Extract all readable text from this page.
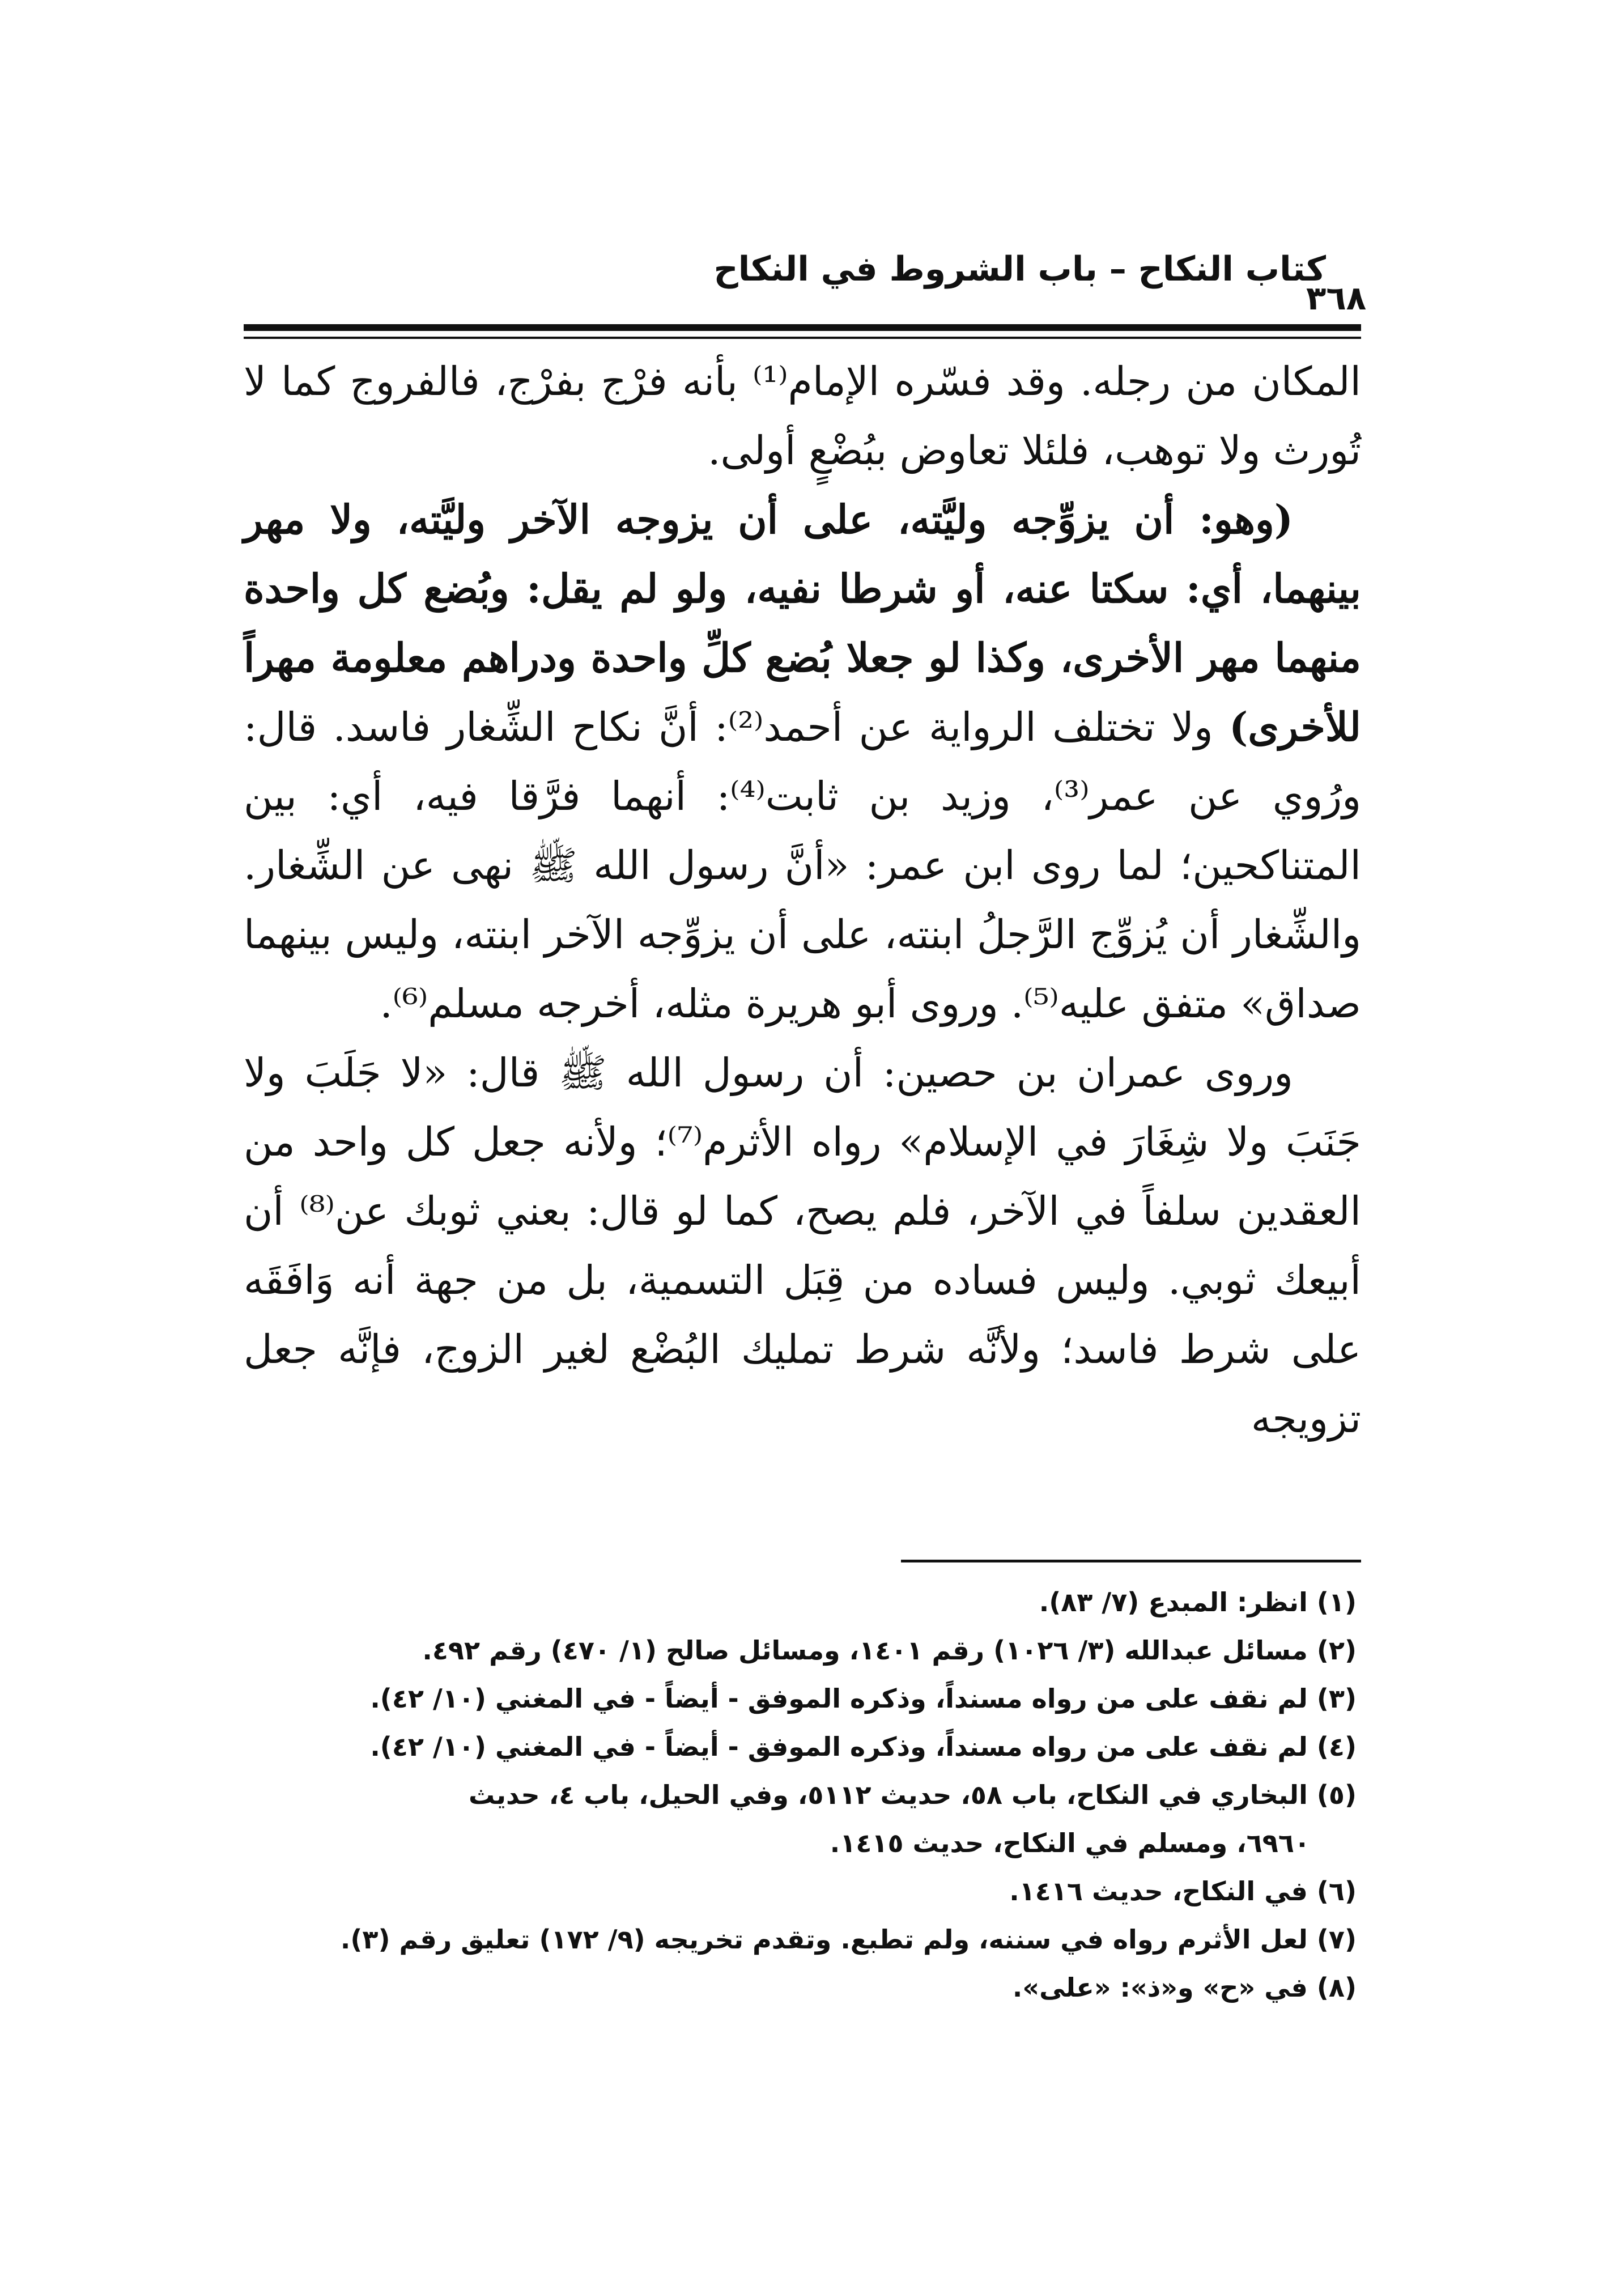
كتاب النكاح – باب الشروط في النكاح
٣٦٨

المكان من رجله. وقد فسّره الإمام⁽¹⁾ بأنه فرْج بفرْج، فالفروج كما لا تُورث ولا توهب، فلئلا تعاوض ببُضْعٍ أولى.

(وهو: أن يزوِّجه وليَّته، على أن يزوجه الآخر وليَّته، ولا مهر بينهما، أي: سكتا عنه، أو شرطا نفيه، ولو لم يقل: وبُضع كل واحدة منهما مهر الأخرى، وكذا لو جعلا بُضع كلِّ واحدة ودراهم معلومة مهراً للأخرى) ولا تختلف الرواية عن أحمد⁽²⁾: أنَّ نكاح الشِّغار فاسد. قال: ورُوي عن عمر⁽³⁾، وزيد بن ثابت⁽⁴⁾: أنهما فرَّقا فيه، أي: بين المتناكحين؛ لما روى ابن عمر: «أنَّ رسول الله ﷺ نهى عن الشِّغار. والشِّغار أن يُزوِّج الرَّجلُ ابنته، على أن يزوِّجه الآخر ابنته، وليس بينهما صداق» متفق عليه⁽⁵⁾. وروى أبو هريرة مثله، أخرجه مسلم⁽⁶⁾.

وروى عمران بن حصين: أن رسول الله ﷺ قال: «لا جَلَبَ ولا جَنَبَ ولا شِغَارَ في الإسلام» رواه الأثرم⁽⁷⁾؛ ولأنه جعل كل واحد من العقدين سلفاً في الآخر، فلم يصح، كما لو قال: بعني ثوبك عن⁽⁸⁾ أن أبيعك ثوبي. وليس فساده من قِبَل التسمية، بل من جهة أنه وَافَقَه على شرط فاسد؛ ولأنَّه شرط تمليك البُضْع لغير الزوج، فإنَّه جعل تزويجه

(١) انظر: المبدع (٧/ ٨٣).

(٢) مسائل عبدالله (٣/ ١٠٢٦) رقم ١٤٠١، ومسائل صالح (١/ ٤٧٠) رقم ٤٩٢.

(٣) لم نقف على من رواه مسنداً، وذكره الموفق - أيضاً - في المغني (١٠/ ٤٢).

(٤) لم نقف على من رواه مسنداً، وذكره الموفق - أيضاً - في المغني (١٠/ ٤٢).

(٥) البخاري في النكاح، باب ٥٨، حديث ٥١١٢، وفي الحيل، باب ٤، حديث

٦٩٦٠، ومسلم في النكاح، حديث ١٤١٥.

(٦) في النكاح، حديث ١٤١٦.

(٧) لعل الأثرم رواه في سننه، ولم تطبع. وتقدم تخريجه (٩/ ١٧٢) تعليق رقم (٣).

(٨) في «ح» و«ذ»: «على».
